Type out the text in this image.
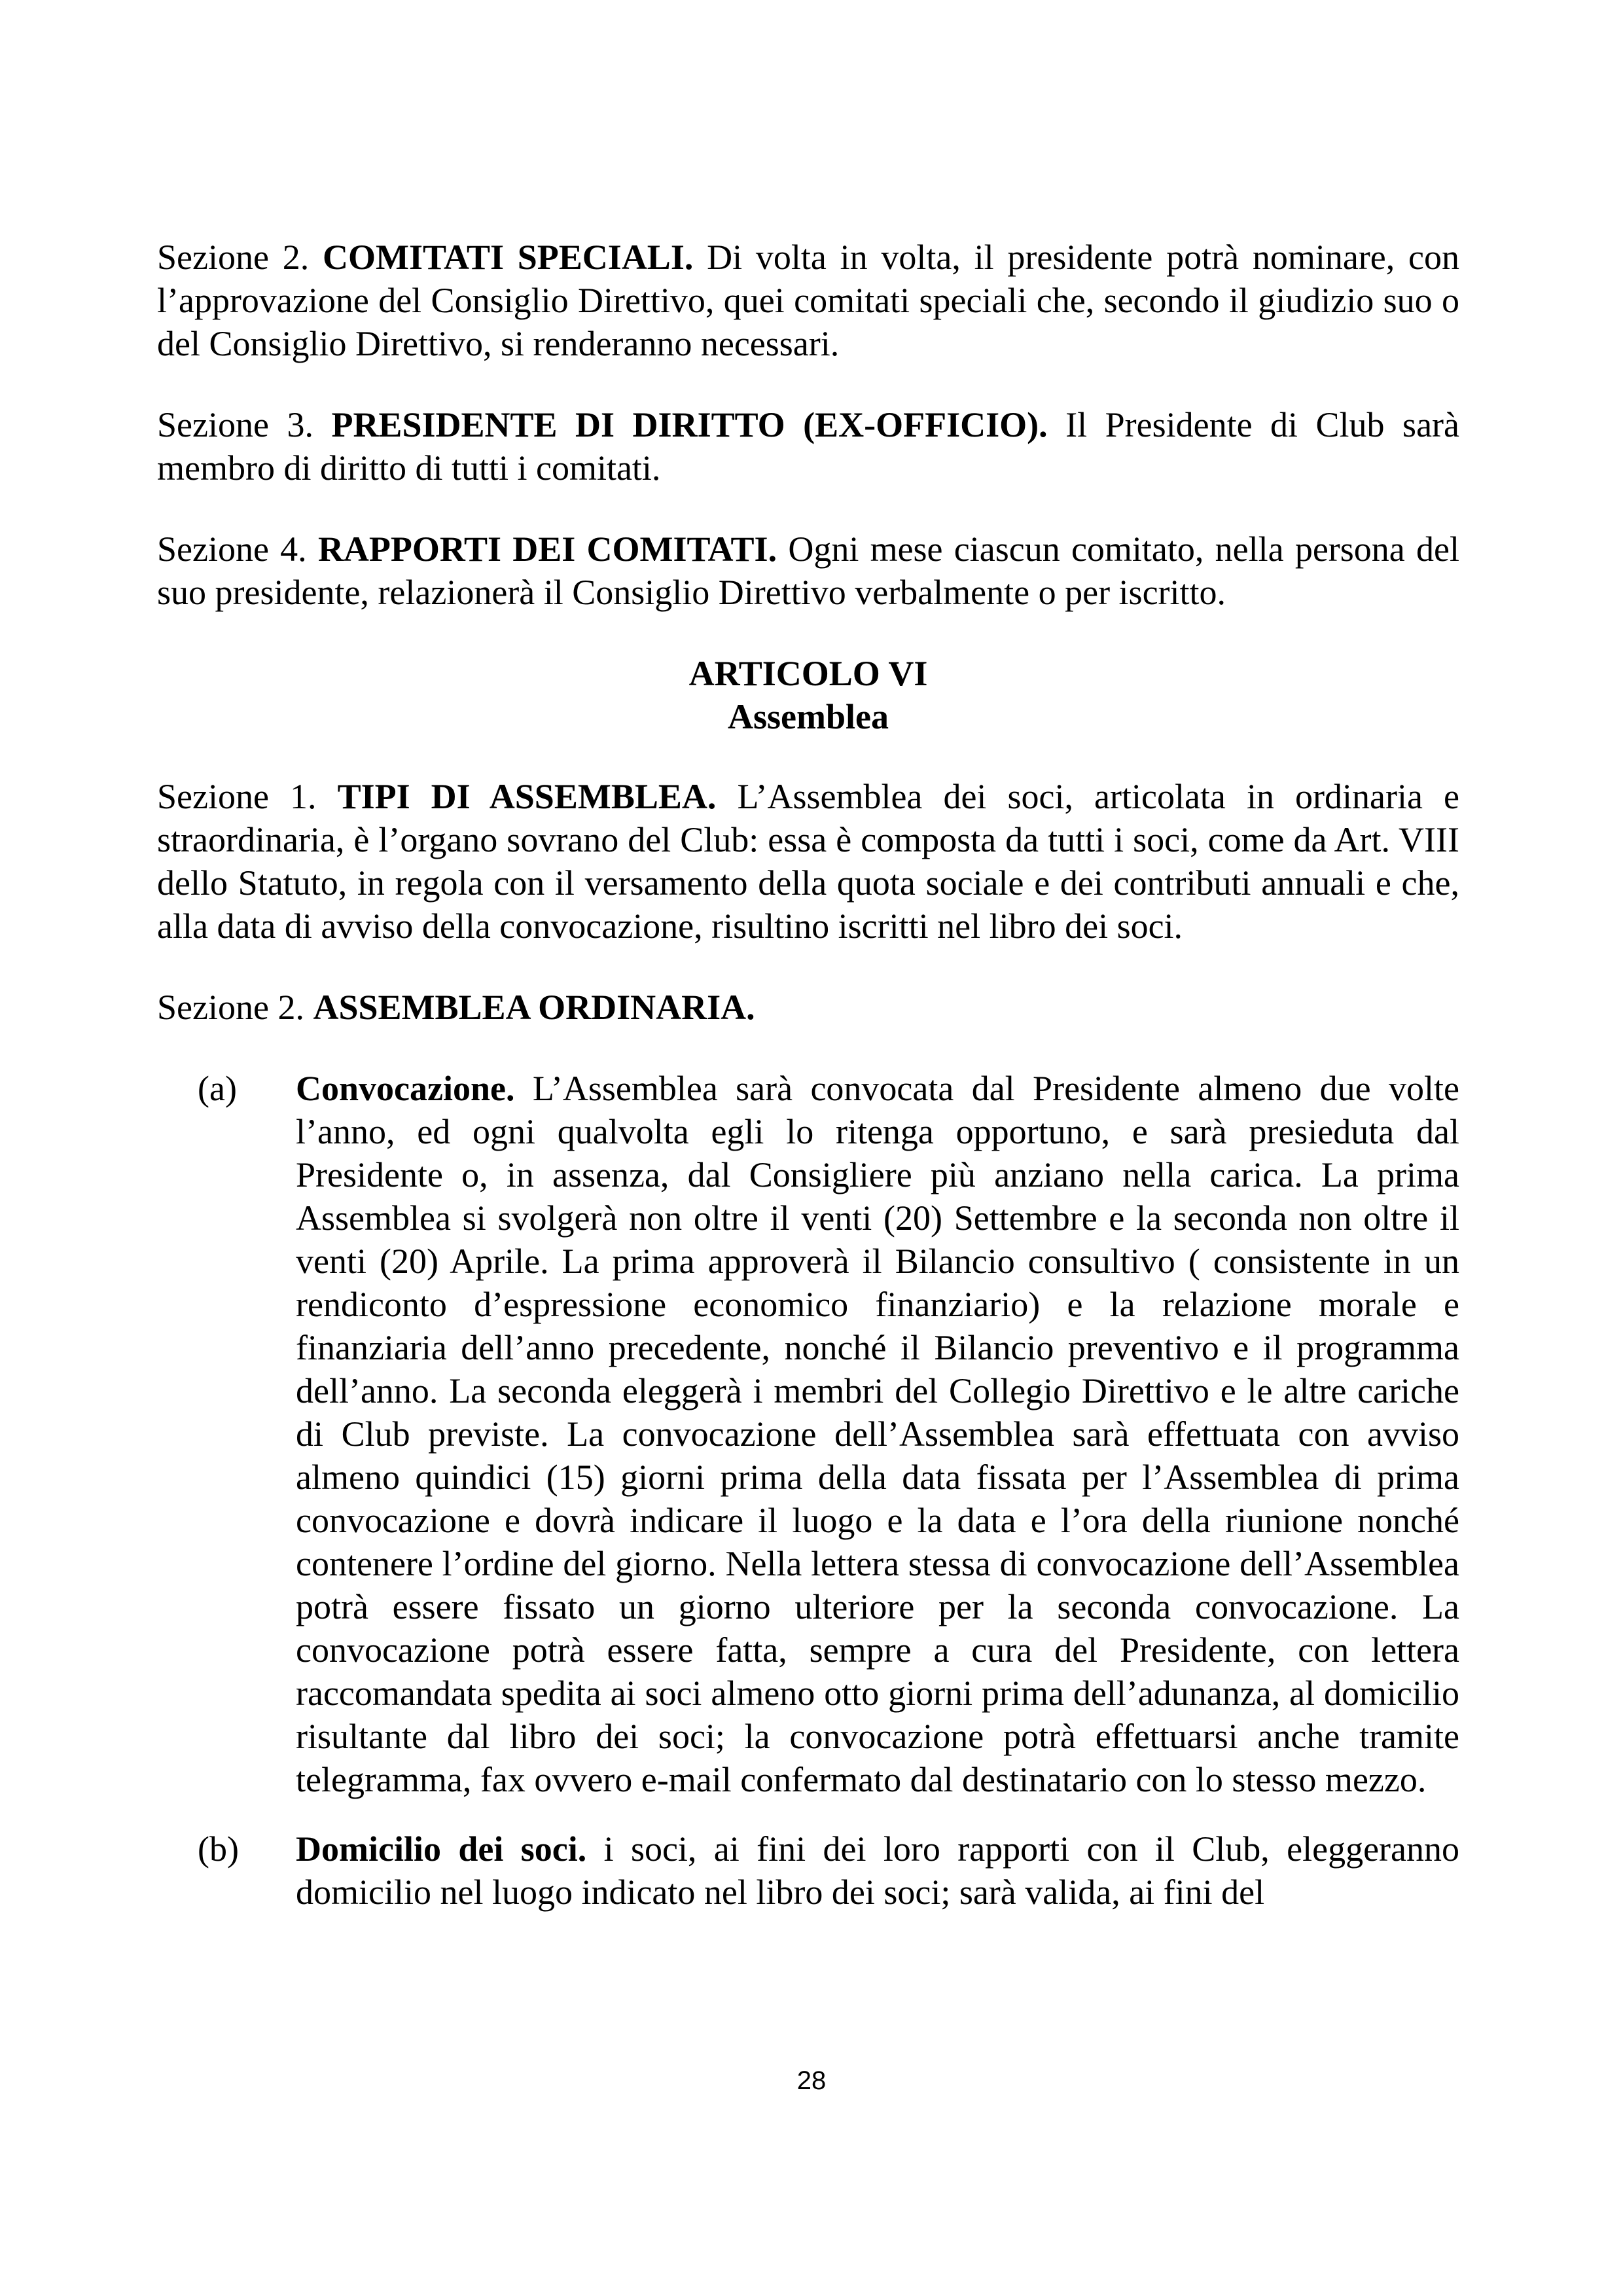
Sezione 2. COMITATI SPECIALI. Di volta in volta, il presidente potrà nominare, con l’approvazione del Consiglio Direttivo, quei comitati speciali che, secondo il giudizio suo o del Consiglio Direttivo, si renderanno necessari.

Sezione 3. PRESIDENTE DI DIRITTO (EX-OFFICIO). Il Presidente di Club sarà membro di diritto di tutti i comitati.

Sezione 4. RAPPORTI DEI COMITATI. Ogni mese ciascun comitato, nella persona del suo presidente, relazionerà il Consiglio Direttivo verbalmente o per iscritto.

ARTICOLO VI
Assemblea

Sezione 1. TIPI DI ASSEMBLEA. L’Assemblea dei soci, articolata in ordinaria e straordinaria, è l’organo sovrano del Club: essa è composta da tutti i soci, come da Art. VIII dello Statuto, in regola con il versamento della quota sociale e dei contributi annuali e che, alla data di avviso della convocazione, risultino iscritti nel libro dei soci.

Sezione 2. ASSEMBLEA ORDINARIA.

(a) Convocazione. L’Assemblea sarà convocata dal Presidente almeno due volte l’anno, ed ogni qualvolta egli lo ritenga opportuno, e sarà presieduta dal Presidente o, in assenza, dal Consigliere più anziano nella carica. La prima Assemblea si svolgerà non oltre il venti (20) Settembre e la seconda non oltre il venti (20) Aprile. La prima approverà il Bilancio consultivo ( consistente in un rendiconto d’espressione economico finanziario) e la relazione morale e finanziaria dell’anno precedente, nonché il Bilancio preventivo e il programma dell’anno. La seconda eleggerà i membri del Collegio Direttivo e le altre cariche di Club previste. La convocazione dell’Assemblea sarà effettuata con avviso almeno quindici (15) giorni prima della data fissata per l’Assemblea di prima convocazione e dovrà indicare il luogo e la data e l’ora della riunione nonché contenere l’ordine del giorno. Nella lettera stessa di convocazione dell’Assemblea potrà essere fissato un giorno ulteriore per la seconda convocazione. La convocazione potrà essere fatta, sempre a cura del Presidente, con lettera raccomandata spedita ai soci almeno otto giorni prima dell’adunanza, al domicilio risultante dal libro dei soci; la convocazione potrà effettuarsi anche tramite telegramma, fax ovvero e-mail confermato dal destinatario con lo stesso mezzo.
(b) Domicilio dei soci. i soci, ai fini dei loro rapporti con il Club, eleggeranno domicilio nel luogo indicato nel libro dei soci; sarà valida, ai fini del
28
